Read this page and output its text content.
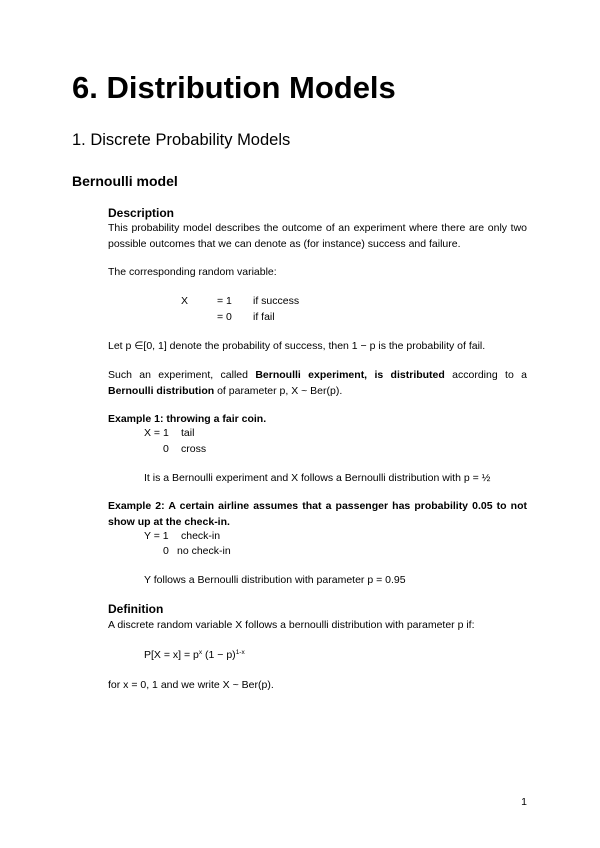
6. Distribution Models
1. Discrete Probability Models
Bernoulli model
Description
This probability model describes the outcome of an experiment where there are only two possible outcomes that we can denote as (for instance) success and failure.
The corresponding random variable:
X	= 1 if success
= 0 if fail
Let p ∈[0, 1] denote the probability of success, then 1 − p is the probability of fail.
Such an experiment, called Bernoulli experiment, is distributed according to a Bernoulli distribution of parameter p, X ~ Ber(p).
Example 1: throwing a fair coin.
X = 1 tail
0 cross
It is a Bernoulli experiment and X follows a Bernoulli distribution with p = ½
Example 2: A certain airline assumes that a passenger has probability 0.05 to not show up at the check-in.
Y = 1 check-in
0 no check-in
Y follows a Bernoulli distribution with parameter p = 0.95
Definition
A discrete random variable X follows a bernoulli distribution with parameter p if:
$P[X = x] = p^x$ $(1 - p)^{1-x}$
for x = 0, 1 and we write X ~ Ber(p).
1
